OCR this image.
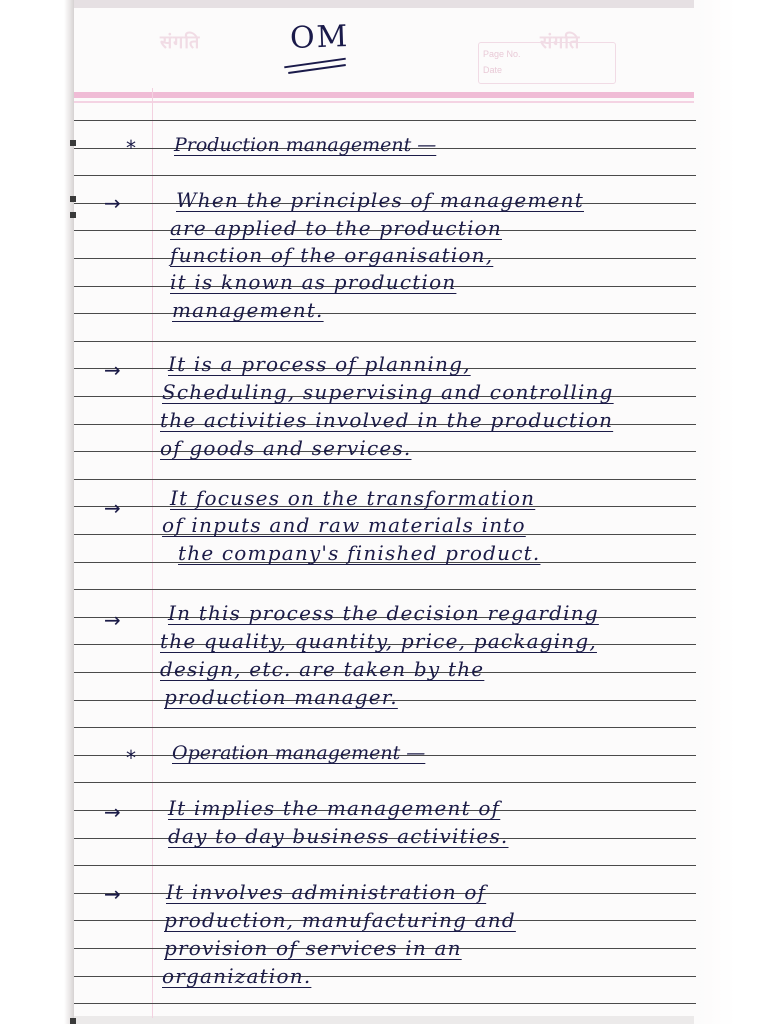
संगति	संगति
Page No.
Date
OM
* Production management —
→	When the principles of management
are applied to the production
function of the organisation,
it is known as production
management.
→ It is a process of planning,
Scheduling, supervising and controlling
the activities involved in the production
of goods and services.
→ It focuses on the transformation
of inputs and raw materials into
the company's finished product.
→ In this process the decision regarding
the quality, quantity, price, packaging,
design, etc. are taken by the
production manager.
* Operation management —
→ It implies the management of
day to day business activities.
→ It involves administration of
production, manufacturing and
provision of services in an
organization.
